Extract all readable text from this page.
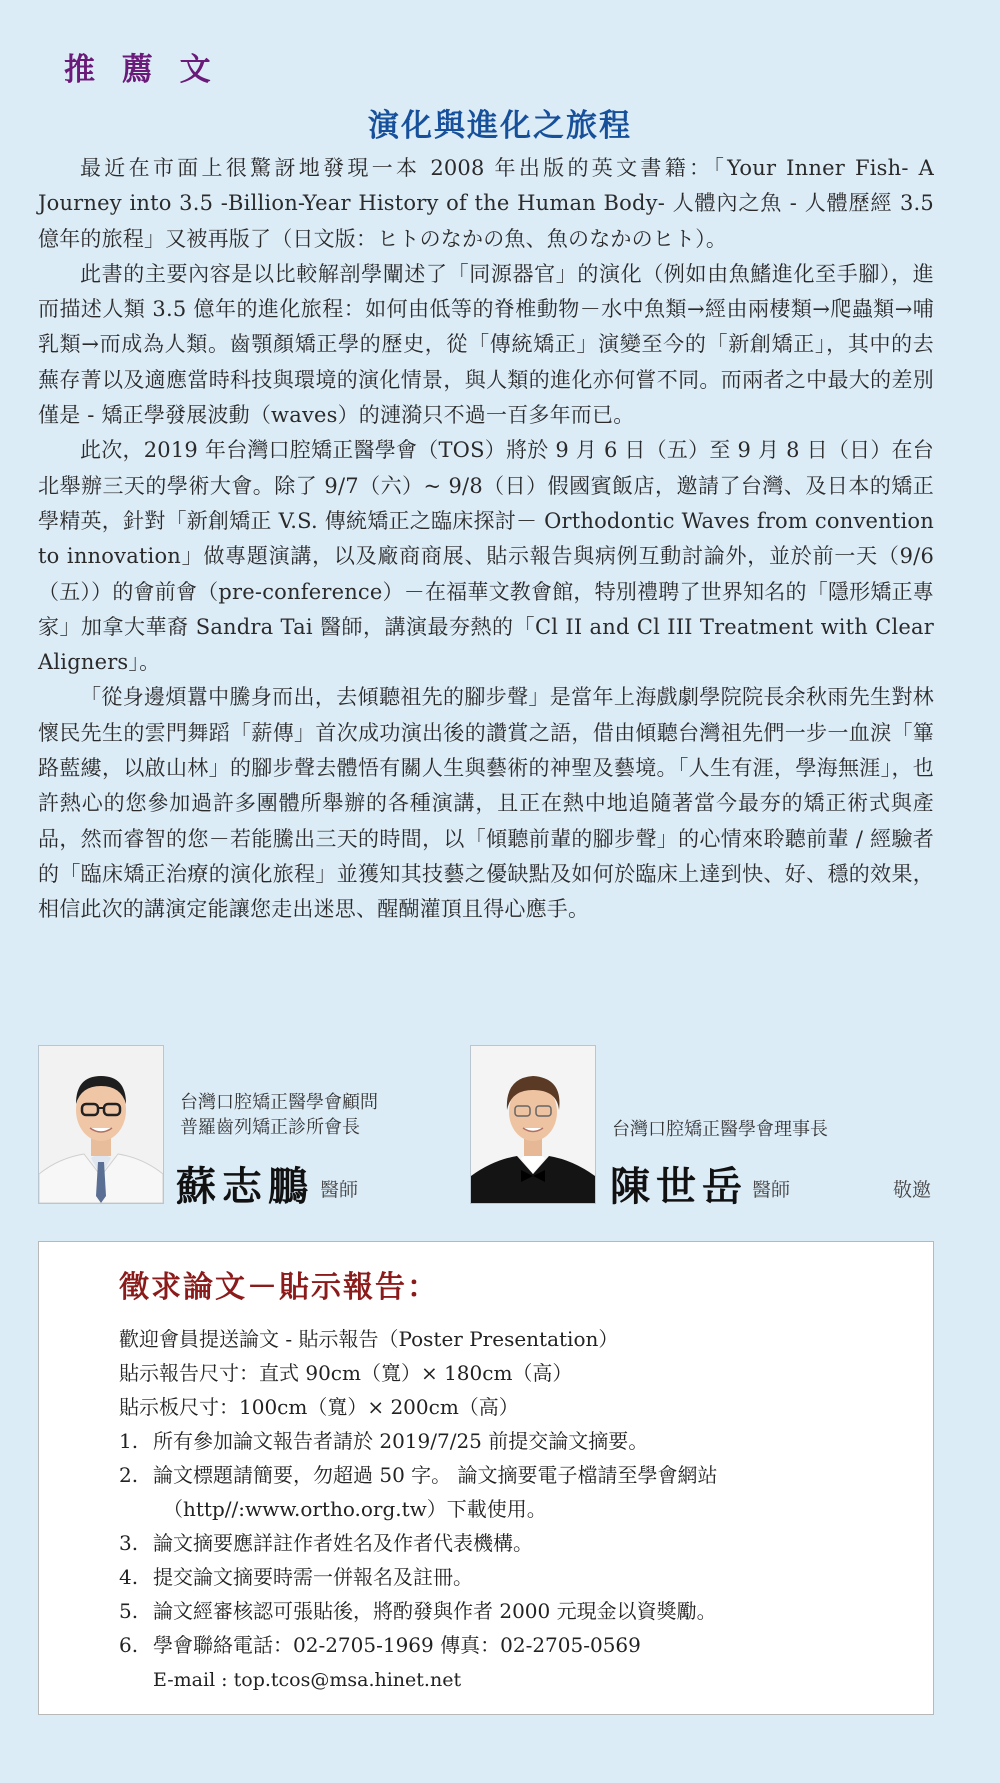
推 薦 文
演化與進化之旅程

最近在市面上很驚訝地發現一本 2008 年出版的英文書籍：「Your Inner Fish- A Journey into 3.5 -Billion-Year History of the Human Body- 人體內之魚 - 人體歷經 3.5 億年的旅程」又被再版了（日文版：ヒトのなかの魚、魚のなかのヒト）。

此書的主要內容是以比較解剖學闡述了「同源器官」的演化（例如由魚鰭進化至手腳），進而描述人類 3.5 億年的進化旅程：如何由低等的脊椎動物－水中魚類→經由兩棲類→爬蟲類→哺乳類→而成為人類。齒顎顏矯正學的歷史，從「傳統矯正」演變至今的「新創矯正」，其中的去蕪存菁以及適應當時科技與環境的演化情景，與人類的進化亦何嘗不同。而兩者之中最大的差別僅是 - 矯正學發展波動（waves）的漣漪只不過一百多年而已。

此次，2019 年台灣口腔矯正醫學會（TOS）將於 9 月 6 日（五）至 9 月 8 日（日）在台北舉辦三天的學術大會。除了 9/7（六）~ 9/8（日）假國賓飯店，邀請了台灣、及日本的矯正學精英，針對「新創矯正 V.S. 傳統矯正之臨床探討－ Orthodontic Waves from convention to innovation」做專題演講，以及廠商商展、貼示報告與病例互動討論外，並於前一天（9/6（五））的會前會（pre-conference）－在福華文教會館，特別禮聘了世界知名的「隱形矯正專家」加拿大華裔 Sandra Tai 醫師，講演最夯熱的「Cl II and Cl III Treatment with Clear Aligners」。

「從身邊煩囂中騰身而出，去傾聽祖先的腳步聲」是當年上海戲劇學院院長余秋雨先生對林懷民先生的雲門舞蹈「薪傳」首次成功演出後的讚賞之語，借由傾聽台灣祖先們一步一血淚「篳路藍縷，以啟山林」的腳步聲去體悟有關人生與藝術的神聖及藝境。「人生有涯，學海無涯」，也許熱心的您參加過許多團體所舉辦的各種演講，且正在熱中地追隨著當今最夯的矯正術式與產品，然而睿智的您－若能騰出三天的時間，以「傾聽前輩的腳步聲」的心情來聆聽前輩 / 經驗者的「臨床矯正治療的演化旅程」並獲知其技藝之優缺點及如何於臨床上達到快、好、穩的效果，相信此次的講演定能讓您走出迷思、醒醐灌頂且得心應手。

台灣口腔矯正醫學會顧問
普羅齒列矯正診所會長
蘇志鵬 醫師
台灣口腔矯正醫學會理事長
陳世岳 醫師	敬邀
徵求論文－貼示報告：
歡迎會員提送論文 - 貼示報告（Poster Presentation）
貼示報告尺寸：直式 90cm（寬）× 180cm（高）
貼示板尺寸：100cm（寬）× 200cm（高）
1. 所有參加論文報告者請於 2019/7/25 前提交論文摘要。
2. 論文標題請簡要，勿超過 50 字。 論文摘要電子檔請至學會網站
（http//:www.ortho.org.tw）下載使用。
3. 論文摘要應詳註作者姓名及作者代表機構。
4. 提交論文摘要時需一併報名及註冊。
5. 論文經審核認可張貼後，將酌發與作者 2000 元現金以資獎勵。
6. 學會聯絡電話：02-2705-1969 傳真：02-2705-0569
E-mail : top.tcos@msa.hinet.net
